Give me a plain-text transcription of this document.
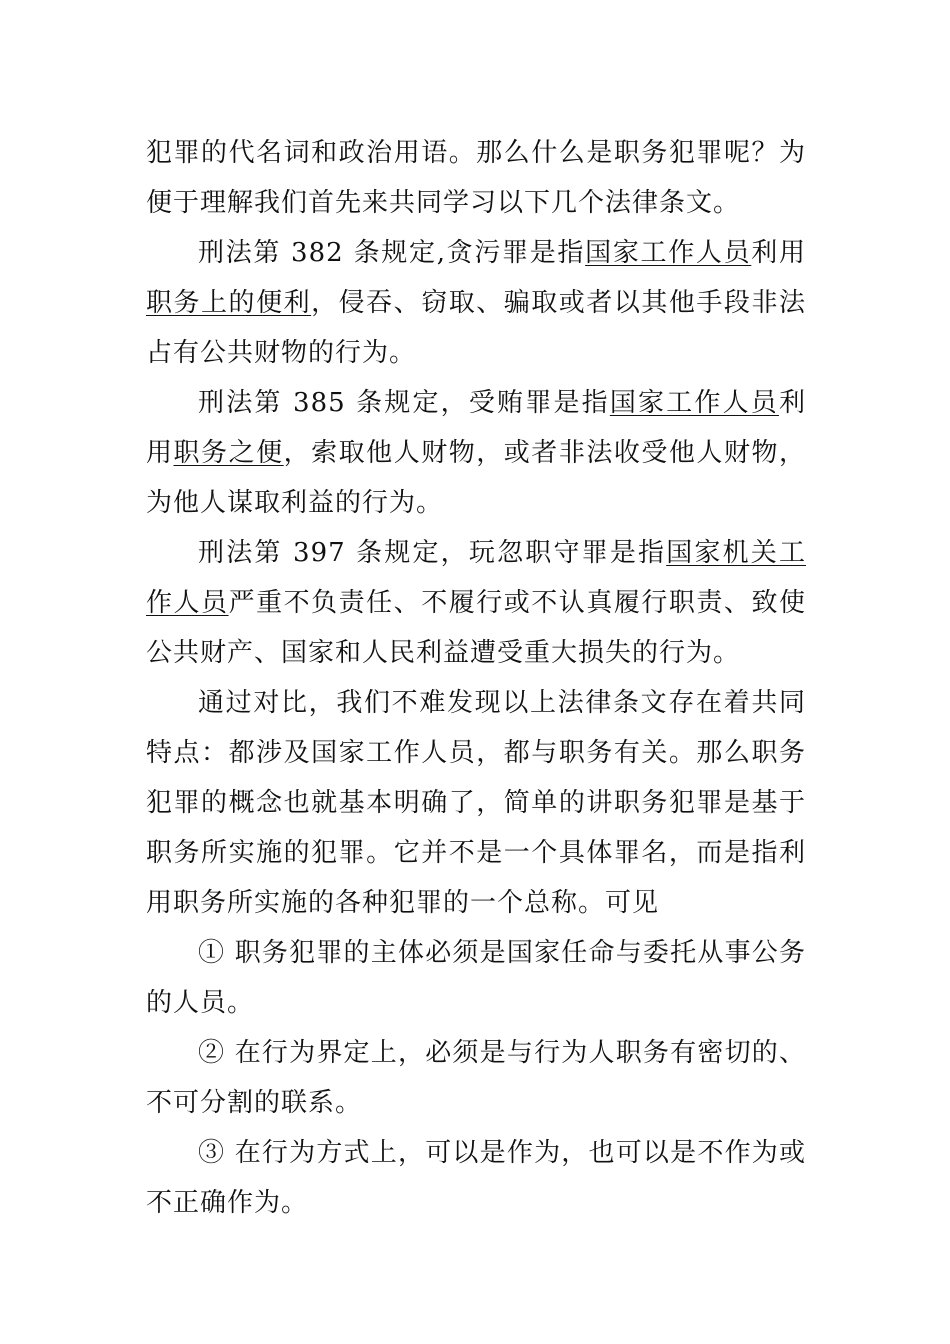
犯罪的代名词和政治用语。那么什么是职务犯罪呢？为便于理解我们首先来共同学习以下几个法律条文。

刑法第 382 条规定,贪污罪是指国家工作人员利用职务上的便利，侵吞、窃取、骗取或者以其他手段非法占有公共财物的行为。

刑法第 385 条规定，受贿罪是指国家工作人员利用职务之便，索取他人财物，或者非法收受他人财物，为他人谋取利益的行为。

刑法第 397 条规定，玩忽职守罪是指国家机关工作人员严重不负责任、不履行或不认真履行职责、致使公共财产、国家和人民利益遭受重大损失的行为。

通过对比，我们不难发现以上法律条文存在着共同特点：都涉及国家工作人员，都与职务有关。那么职务犯罪的概念也就基本明确了，简单的讲职务犯罪是基于职务所实施的犯罪。它并不是一个具体罪名，而是指利用职务所实施的各种犯罪的一个总称。可见

① 职务犯罪的主体必须是国家任命与委托从事公务的人员。

② 在行为界定上，必须是与行为人职务有密切的、不可分割的联系。

③ 在行为方式上，可以是作为，也可以是不作为或不正确作为。
